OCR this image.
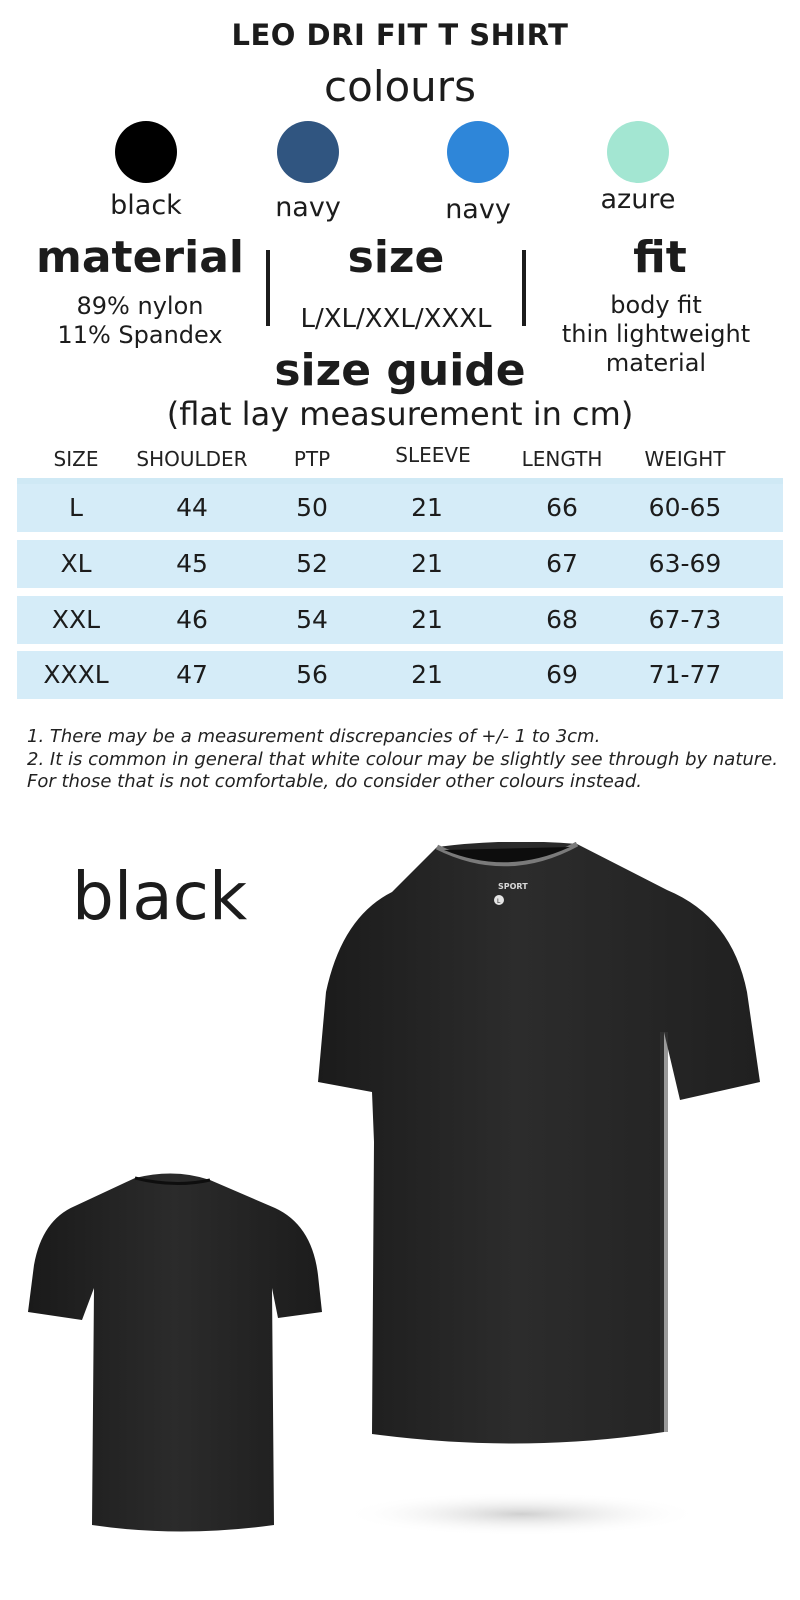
LEO DRI FIT T SHIRT
colours
black	navy	navy	azure
material
89% nylon
11% Spandex
size
L/XL/XXL/XXXL
fit
body fit
thin lightweight
material
size guide
(flat lay measurement in cm)
SIZE	SHOULDER	PTP	SLEEVE	LENGTH	WEIGHT
L	44	50	21	66	60-65
XL	45	52	21	67	63-69
XXL	46	54	21	68	67-73
XXXL	47	56	21	69	71-77
1. There may be a measurement discrepancies of +/- 1 to 3cm.
2. It is common in general that white colour may be slightly see through by nature. For those that is not comfortable, do consider other colours instead.
black	SPORT
L
